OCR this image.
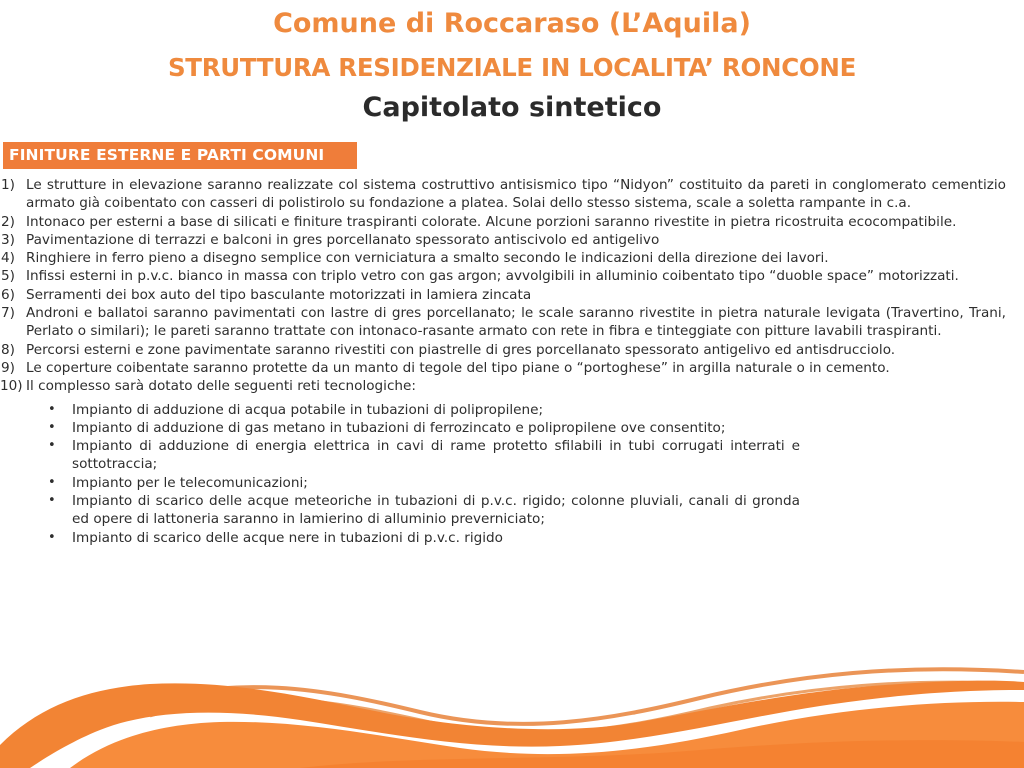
Comune di Roccaraso (L’Aquila)
STRUTTURA RESIDENZIALE IN LOCALITA’ RONCONE
Capitolato sintetico
FINITURE ESTERNE E PARTI COMUNI
1) Le strutture in elevazione saranno realizzate col sistema costruttivo antisismico tipo “Nidyon” costituito da pareti in conglomerato cementizio armato già coibentato con casseri di polistirolo su fondazione a platea. Solai dello stesso sistema, scale a soletta rampante in c.a.
2) Intonaco per esterni a base di silicati e finiture traspiranti colorate. Alcune porzioni saranno rivestite in pietra ricostruita ecocompatibile.
3) Pavimentazione di terrazzi e balconi in gres porcellanato spessorato antiscivolo ed antigelivo
4) Ringhiere in ferro pieno a disegno semplice con verniciatura a smalto secondo le indicazioni della direzione dei lavori.
5) Infissi esterni in p.v.c. bianco in massa con triplo vetro con gas argon; avvolgibili in alluminio coibentato tipo “duoble space” motorizzati.
6) Serramenti dei box auto del tipo basculante motorizzati in lamiera zincata
7) Androni e ballatoi saranno pavimentati con lastre di gres porcellanato; le scale saranno rivestite in pietra naturale levigata (Travertino, Trani, Perlato o similari); le pareti saranno trattate con intonaco-rasante armato con rete in fibra e tinteggiate con pitture lavabili traspiranti.
8) Percorsi esterni e zone pavimentate saranno rivestiti con piastrelle di gres porcellanato spessorato antigelivo ed antisdrucciolo.
9) Le coperture coibentate saranno protette da un manto di tegole del tipo piane o “portoghese” in argilla naturale o in cemento.
10) Il complesso sarà dotato delle seguenti reti tecnologiche:
• Impianto di adduzione di acqua potabile in tubazioni di polipropilene;
• Impianto di adduzione di gas metano in tubazioni di ferrozincato e polipropilene ove consentito;
• Impianto di adduzione di energia elettrica in cavi di rame protetto sfilabili in tubi corrugati interrati e sottotraccia;
• Impianto per le telecomunicazioni;
• Impianto di scarico delle acque meteoriche in tubazioni di p.v.c. rigido; colonne pluviali, canali di gronda ed opere di lattoneria saranno in lamierino di alluminio preverniciato;
• Impianto di scarico delle acque nere in tubazioni di p.v.c. rigido
